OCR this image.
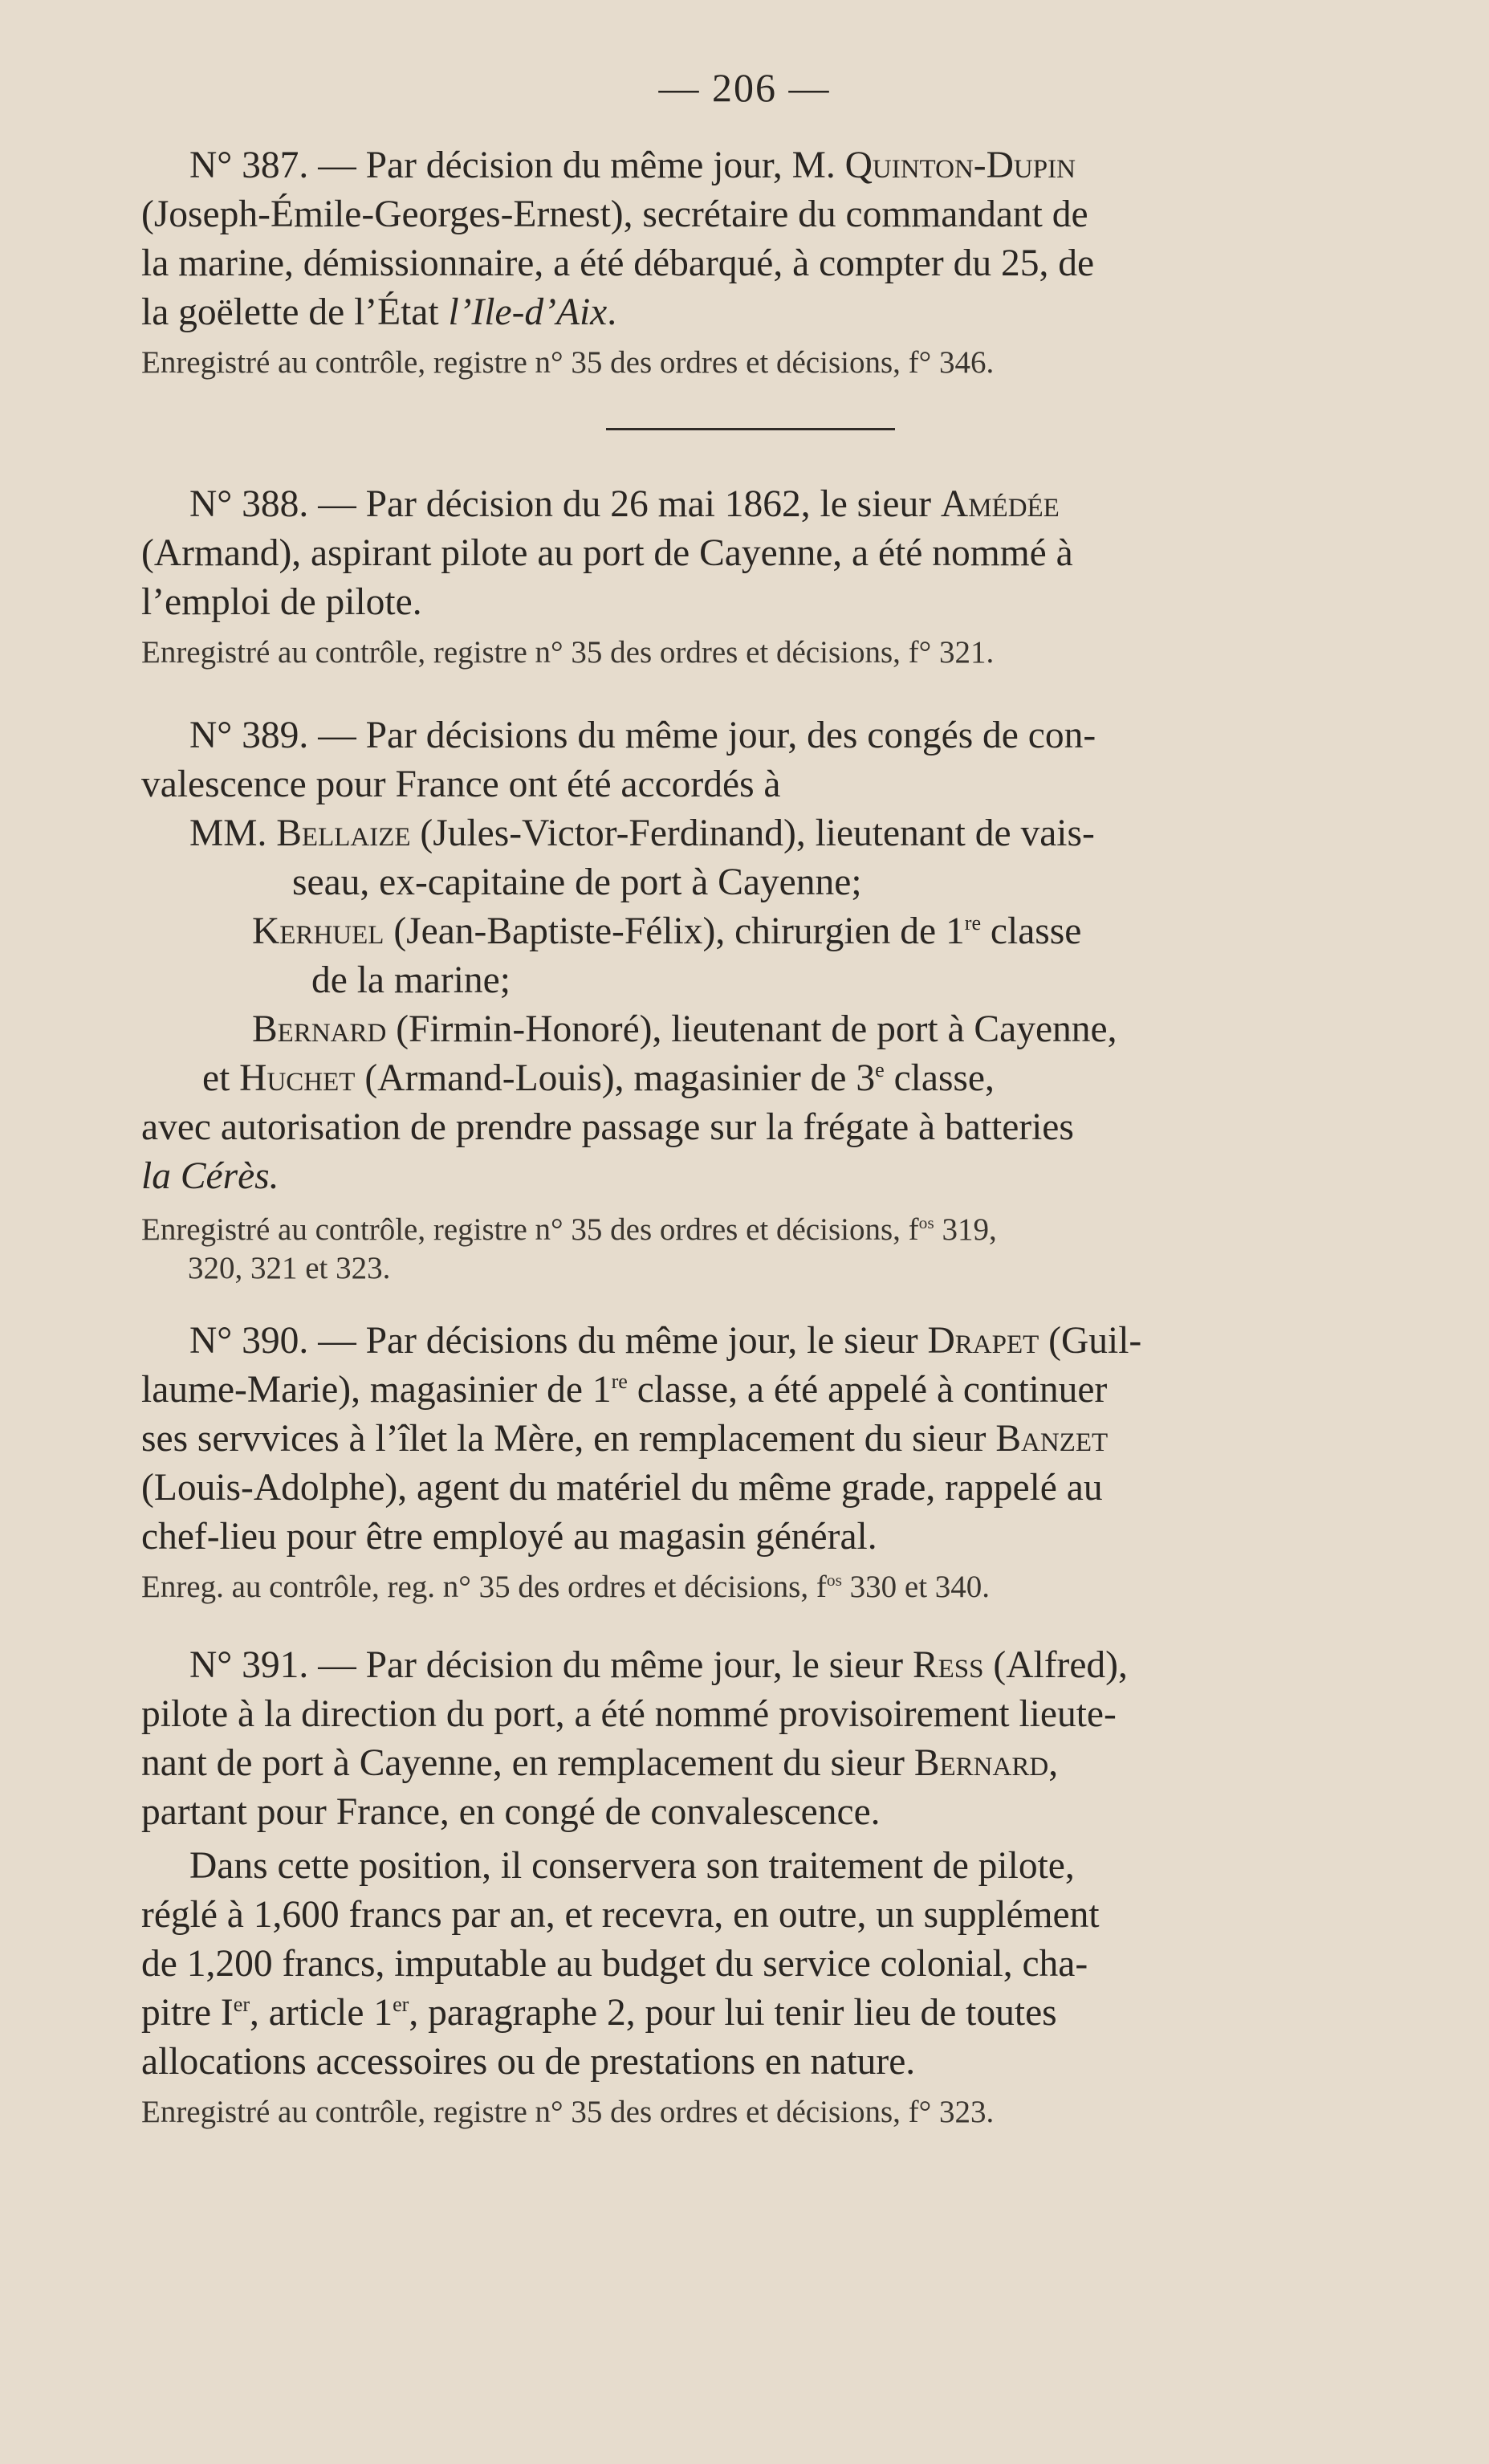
— 206 —

N° 387. — Par décision du même jour, M. Quinton-Dupin
(Joseph-Émile-Georges-Ernest), secrétaire du commandant de
la marine, démissionnaire, a été débarqué, à compter du 25, de
la goëlette de l’État l’Ile-d’Aix.

Enregistré au contrôle, registre n° 35 des ordres et décisions, f° 346.

N° 388. — Par décision du 26 mai 1862, le sieur Amédée
(Armand), aspirant pilote au port de Cayenne, a été nommé à
l’emploi de pilote.

Enregistré au contrôle, registre n° 35 des ordres et décisions, f° 321.

N° 389. — Par décisions du même jour, des congés de con-
valescence pour France ont été accordés à

MM. Bellaize (Jules-Victor-Ferdinand), lieutenant de vais-
seau, ex-capitaine de port à Cayenne;

Kerhuel (Jean-Baptiste-Félix), chirurgien de 1re classe
de la marine;

Bernard (Firmin-Honoré), lieutenant de port à Cayenne,

et Huchet (Armand-Louis), magasinier de 3e classe,

avec autorisation de prendre passage sur la frégate à batteries
la Cérès.

Enregistré au contrôle, registre n° 35 des ordres et décisions, $f^{os}$ 319,
320, 321 et 323.

N° 390. — Par décisions du même jour, le sieur Drapet (Guil-
laume-Marie), magasinier de 1re classe, a été appelé à continuer
ses servvices à l’îlet la Mère, en remplacement du sieur Banzet
(Louis-Adolphe), agent du matériel du même grade, rappelé au
chef-lieu pour être employé au magasin général.

Enreg. au contrôle, reg. n° 35 des ordres et décisions, $f^{os}$ 330 et 340.

N° 391. — Par décision du même jour, le sieur Ress (Alfred),
pilote à la direction du port, a été nommé provisoirement lieute-
nant de port à Cayenne, en remplacement du sieur Bernard,
partant pour France, en congé de convalescence.

Dans cette position, il conservera son traitement de pilote,
réglé à 1,600 francs par an, et recevra, en outre, un supplément
de 1,200 francs, imputable au budget du service colonial, cha-
pitre Ier, article 1er, paragraphe 2, pour lui tenir lieu de toutes
allocations accessoires ou de prestations en nature.

Enregistré au contrôle, registre n° 35 des ordres et décisions, f° 323.
